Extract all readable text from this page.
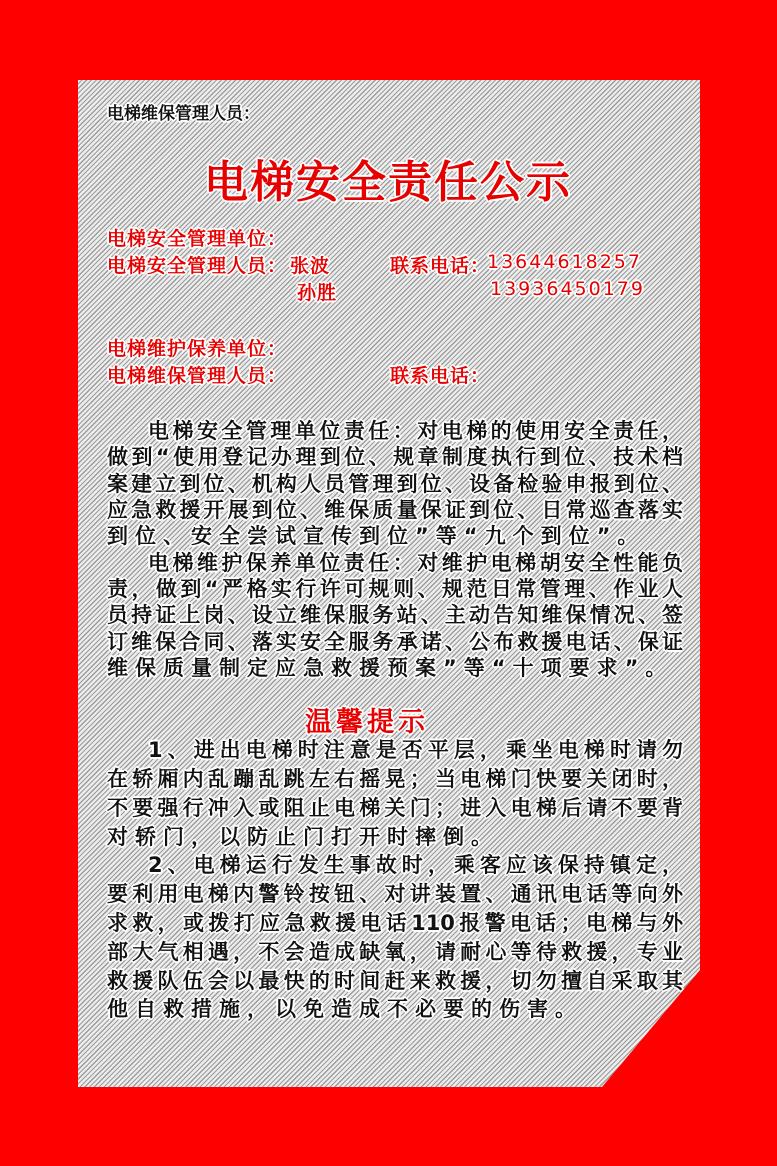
电梯维保管理人员：
电梯安全责任公示
电梯安全管理单位：
电梯安全管理人员： 张波
孙胜
联系电话：
13644618257
13936450179
电梯维护保养单位：
电梯维保管理人员：	联系电话：
电梯安全管理单位责任：对电梯的使用安全责任，
做到“使用登记办理到位、规章制度执行到位、技术档
案建立到位、机构人员管理到位、设备检验申报到位、
应急救援开展到位、维保质量保证到位、日常巡查落实
到位、安全尝试宣传到位”等“九个到位”。
电梯维护保养单位责任：对维护电梯胡安全性能负
责，做到“严格实行许可规则、规范日常管理、作业人
员持证上岗、设立维保服务站、主动告知维保情况、签
订维保合同、落实安全服务承诺、公布救援电话、保证
维保质量制定应急救援预案”等“十项要求”。
温馨提示
1、进出电梯时注意是否平层，乘坐电梯时请勿
在轿厢内乱蹦乱跳左右摇晃；当电梯门快要关闭时，
不要强行冲入或阻止电梯关门；进入电梯后请不要背
对轿门，以防止门打开时摔倒。
2、电梯运行发生事故时，乘客应该保持镇定，
要利用电梯内警铃按钮、对讲装置、通讯电话等向外
求救，或拨打应急救援电话110报警电话；电梯与外
部大气相遇，不会造成缺氧，请耐心等待救援，专业
救援队伍会以最快的时间赶来救援，切勿擅自采取其
他自救措施，以免造成不必要的伤害。
